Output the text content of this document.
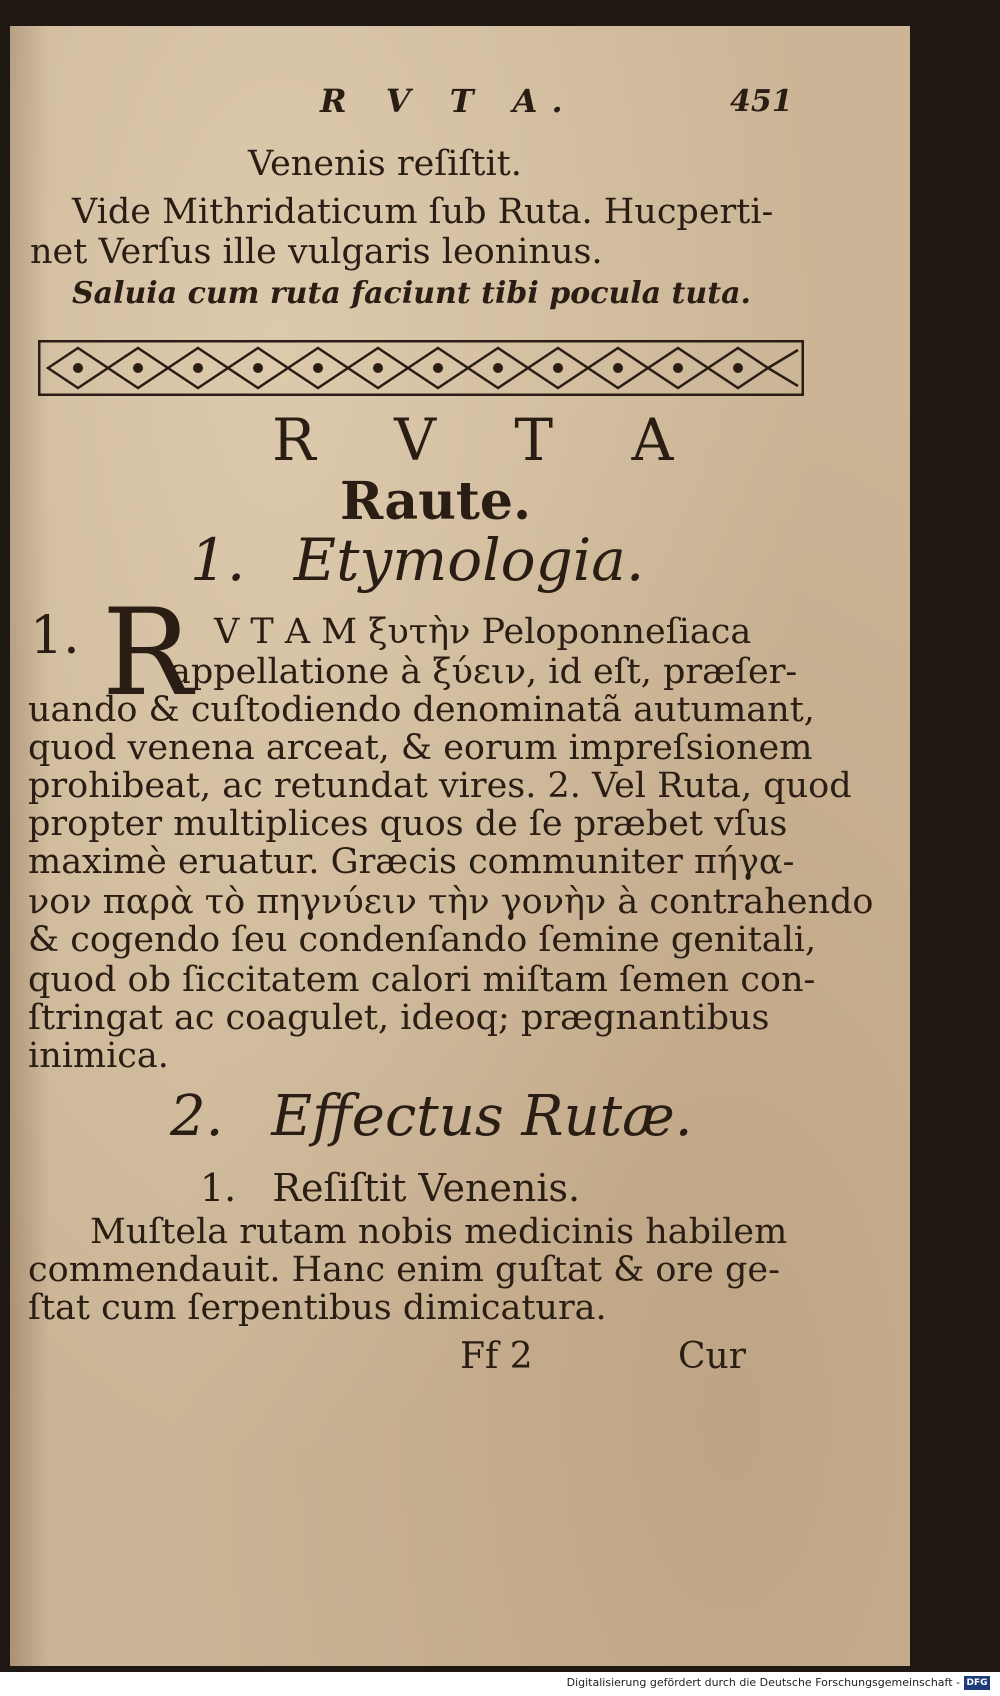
R V T A.	451
Venenis reſiſtit.
Vide Mithridaticum ſub Ruta. Hucperti-
net Verſus ille vulgaris leoninus.
Saluia cum ruta faciunt tibi pocula tuta.
R V T A
Raute.
1. Etymologia.
1. R V T A M ξυτὴν Peloponneſiaca
appellatione à ξύειν, id eſt, præſer-
uando & cuſtodiendo denominatã autumant,
quod venena arceat, & eorum impreſsionem
prohibeat, ac retundat vires. 2. Vel Ruta, quod
propter multiplices quos de ſe præbet vſus
maximè eruatur. Græcis communiter πήγα-
νον παρὰ τὸ πηγνύειν τὴν γονὴν à contrahendo
& cogendo ſeu condenſando ſemine genitali,
quod ob ſiccitatem calori miſtam ſemen con-
ſtringat ac coagulet, ideoq; prægnantibus
inimica.
2. Effectus Rutæ.
1. Reſiſtit Venenis.
Muſtela rutam nobis medicinis habilem
commendauit. Hanc enim guſtat & ore ge-
ſtat cum ſerpentibus dimicatura.
Ff 2	Cur
Digitalisierung gefördert durch die Deutsche Forschungsgemeinschaft - DFG
